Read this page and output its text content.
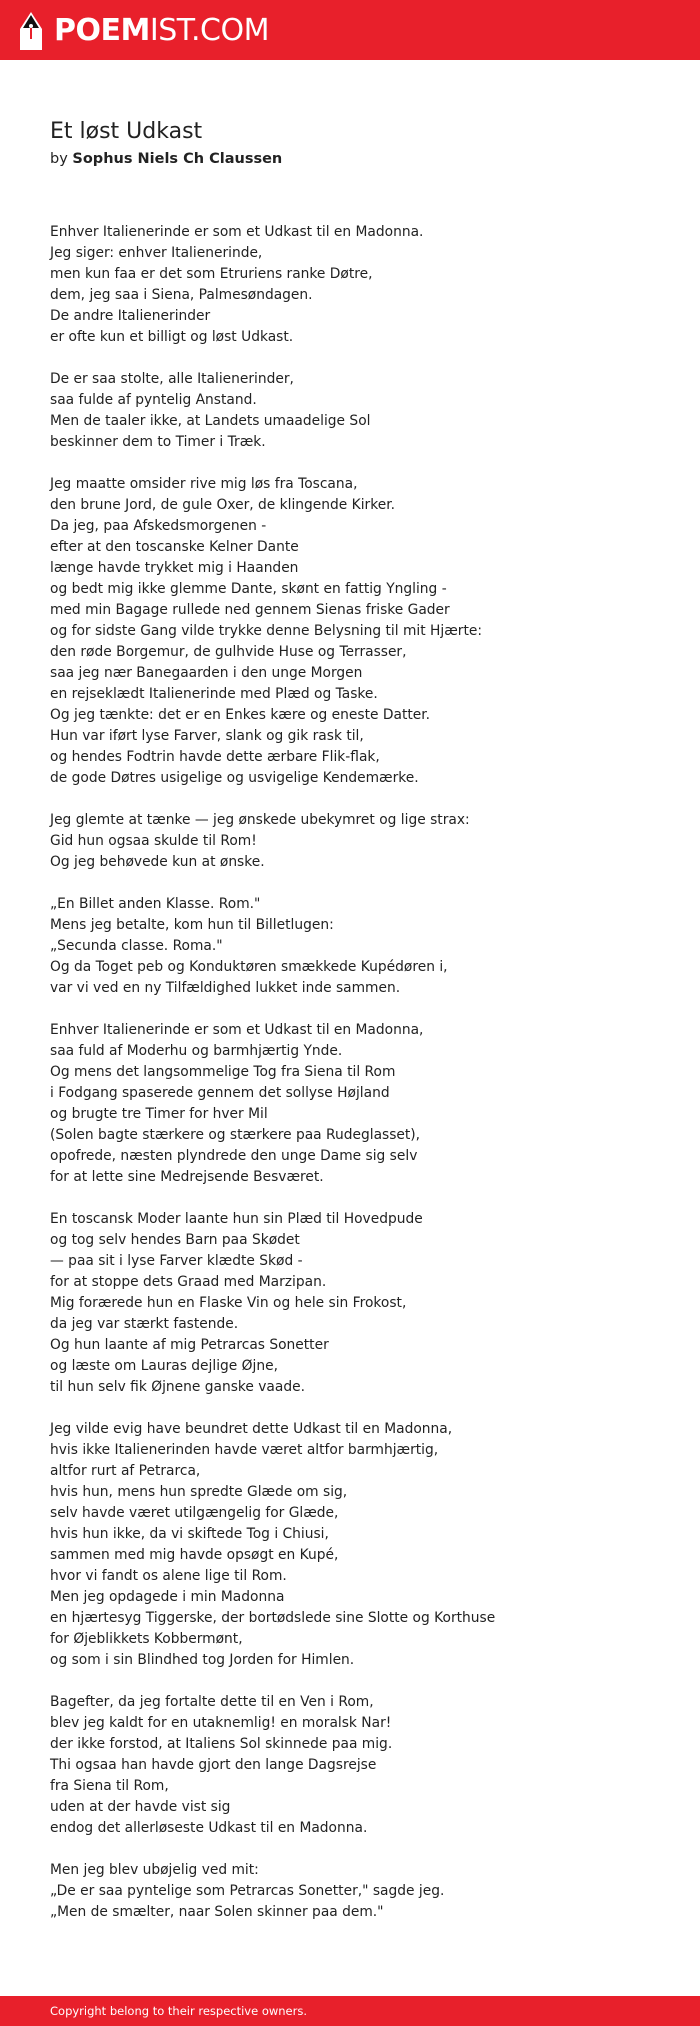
POEMIST.COM
Et løst Udkast
by Sophus Niels Ch Claussen
Enhver Italienerinde er som et Udkast til en Madonna.
Jeg siger: enhver Italienerinde,
men kun faa er det som Etruriens ranke Døtre,
dem, jeg saa i Siena, Palmesøndagen.
De andre Italienerinder
er ofte kun et billigt og løst Udkast.
De er saa stolte, alle Italienerinder,
saa fulde af pyntelig Anstand.
Men de taaler ikke, at Landets umaadelige Sol
beskinner dem to Timer i Træk.
Jeg maatte omsider rive mig løs fra Toscana,
den brune Jord, de gule Oxer, de klingende Kirker.
Da jeg, paa Afskedsmorgenen -
efter at den toscanske Kelner Dante
længe havde trykket mig i Haanden
og bedt mig ikke glemme Dante, skønt en fattig Yngling -
med min Bagage rullede ned gennem Sienas friske Gader
og for sidste Gang vilde trykke denne Belysning til mit Hjærte:
den røde Borgemur, de gulhvide Huse og Terrasser,
saa jeg nær Banegaarden i den unge Morgen
en rejseklædt Italienerinde med Plæd og Taske.
Og jeg tænkte: det er en Enkes kære og eneste Datter.
Hun var iført lyse Farver, slank og gik rask til,
og hendes Fodtrin havde dette ærbare Flik-flak,
de gode Døtres usigelige og usvigelige Kendemærke.
Jeg glemte at tænke — jeg ønskede ubekymret og lige strax:
Gid hun ogsaa skulde til Rom!
Og jeg behøvede kun at ønske.
„En Billet anden Klasse. Rom."
Mens jeg betalte, kom hun til Billetlugen:
„Secunda classe. Roma."
Og da Toget peb og Konduktøren smækkede Kupédøren i,
var vi ved en ny Tilfældighed lukket inde sammen.
Enhver Italienerinde er som et Udkast til en Madonna,
saa fuld af Moderhu og barmhjærtig Ynde.
Og mens det langsommelige Tog fra Siena til Rom
i Fodgang spaserede gennem det sollyse Højland
og brugte tre Timer for hver Mil
(Solen bagte stærkere og stærkere paa Rudeglasset),
opofrede, næsten plyndrede den unge Dame sig selv
for at lette sine Medrejsende Besværet.
En toscansk Moder laante hun sin Plæd til Hovedpude
og tog selv hendes Barn paa Skødet
— paa sit i lyse Farver klædte Skød -
for at stoppe dets Graad med Marzipan.
Mig forærede hun en Flaske Vin og hele sin Frokost,
da jeg var stærkt fastende.
Og hun laante af mig Petrarcas Sonetter
og læste om Lauras dejlige Øjne,
til hun selv fik Øjnene ganske vaade.
Jeg vilde evig have beundret dette Udkast til en Madonna,
hvis ikke Italienerinden havde været altfor barmhjærtig,
altfor rurt af Petrarca,
hvis hun, mens hun spredte Glæde om sig,
selv havde været utilgængelig for Glæde,
hvis hun ikke, da vi skiftede Tog i Chiusi,
sammen med mig havde opsøgt en Kupé,
hvor vi fandt os alene lige til Rom.
Men jeg opdagede i min Madonna
en hjærtesyg Tiggerske, der bortødslede sine Slotte og Korthuse
for Øjeblikkets Kobbermønt,
og som i sin Blindhed tog Jorden for Himlen.
Bagefter, da jeg fortalte dette til en Ven i Rom,
blev jeg kaldt for en utaknemlig! en moralsk Nar!
der ikke forstod, at Italiens Sol skinnede paa mig.
Thi ogsaa han havde gjort den lange Dagsrejse
fra Siena til Rom,
uden at der havde vist sig
endog det allerløseste Udkast til en Madonna.
Men jeg blev ubøjelig ved mit:
„De er saa pyntelige som Petrarcas Sonetter," sagde jeg.
„Men de smælter, naar Solen skinner paa dem."
Copyright belong to their respective owners.
